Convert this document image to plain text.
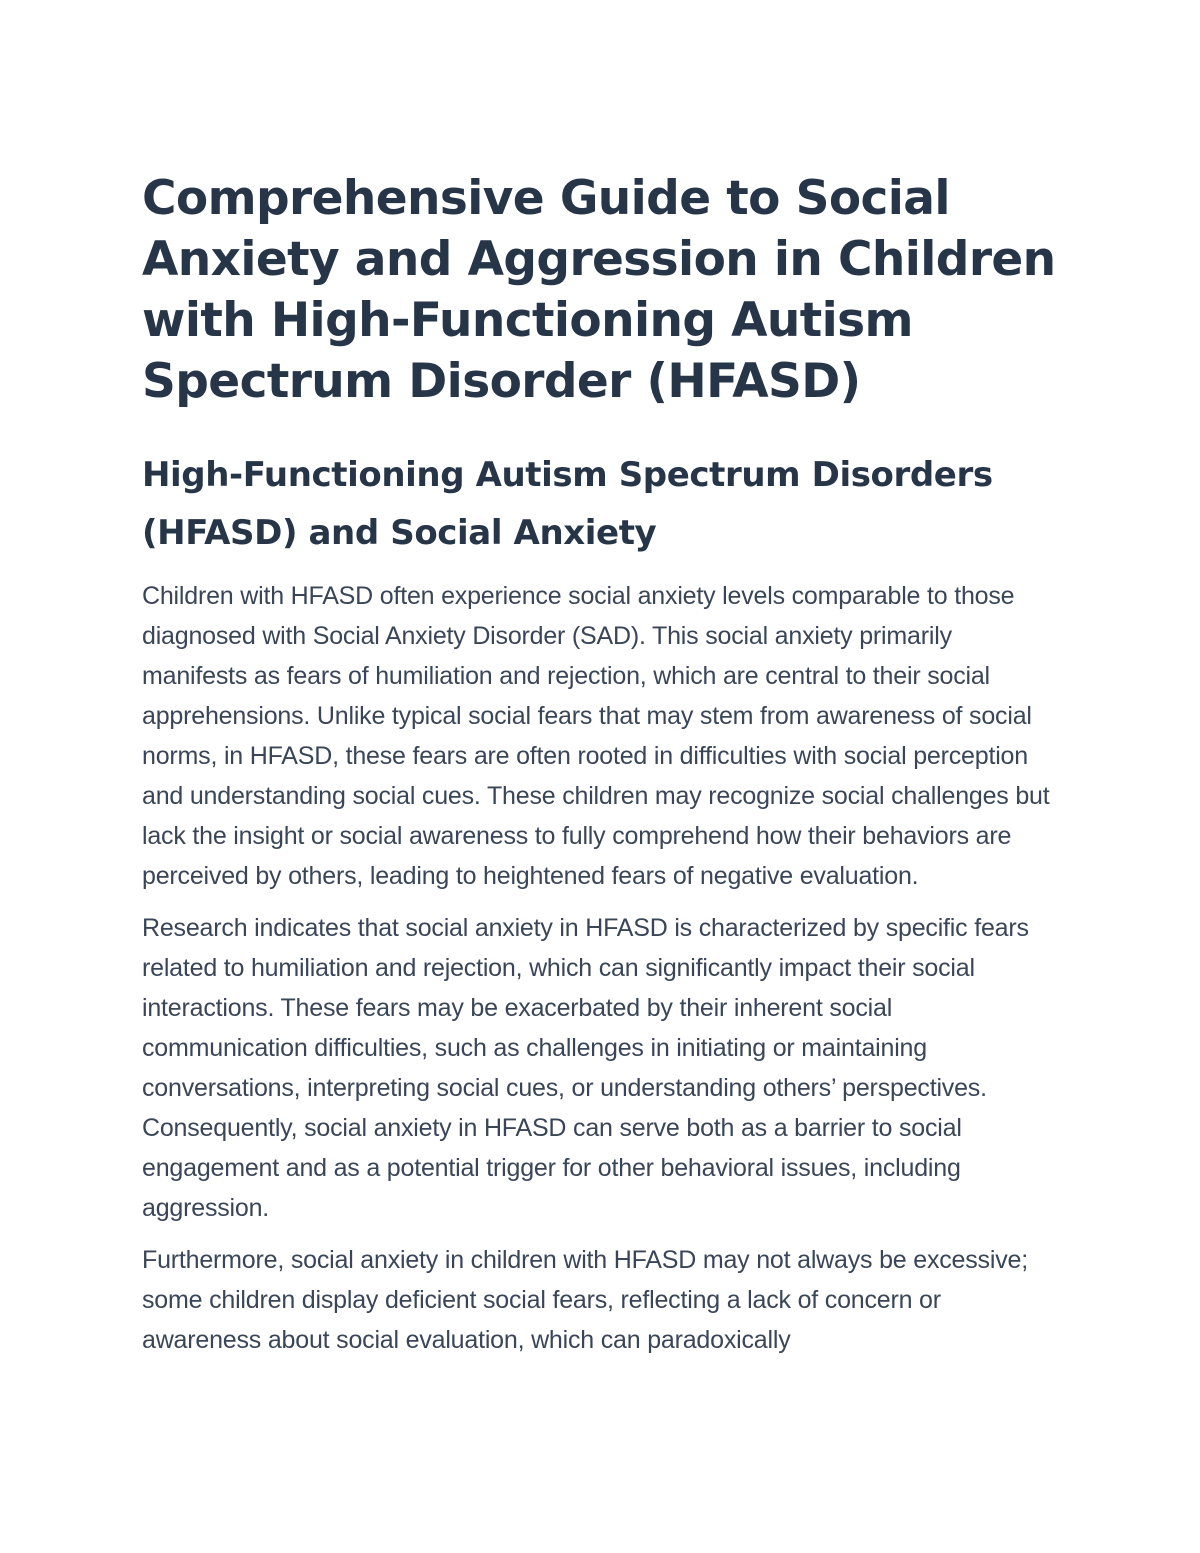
Comprehensive Guide to Social Anxiety and Aggression in Children with High-Functioning Autism Spectrum Disorder (HFASD)
High-Functioning Autism Spectrum Disorders (HFASD) and Social Anxiety

Children with HFASD often experience social anxiety levels comparable to those diagnosed with Social Anxiety Disorder (SAD). This social anxiety primarily manifests as fears of humiliation and rejection, which are central to their social apprehensions. Unlike typical social fears that may stem from awareness of social norms, in HFASD, these fears are often rooted in difficulties with social perception and understanding social cues. These children may recognize social challenges but lack the insight or social awareness to fully comprehend how their behaviors are perceived by others, leading to heightened fears of negative evaluation.

Research indicates that social anxiety in HFASD is characterized by specific fears related to humiliation and rejection, which can significantly impact their social interactions. These fears may be exacerbated by their inherent social communication difficulties, such as challenges in initiating or maintaining conversations, interpreting social cues, or understanding others’ perspectives. Consequently, social anxiety in HFASD can serve both as a barrier to social engagement and as a potential trigger for other behavioral issues, including aggression.

Furthermore, social anxiety in children with HFASD may not always be excessive; some children display deficient social fears, reflecting a lack of concern or awareness about social evaluation, which can paradoxically
